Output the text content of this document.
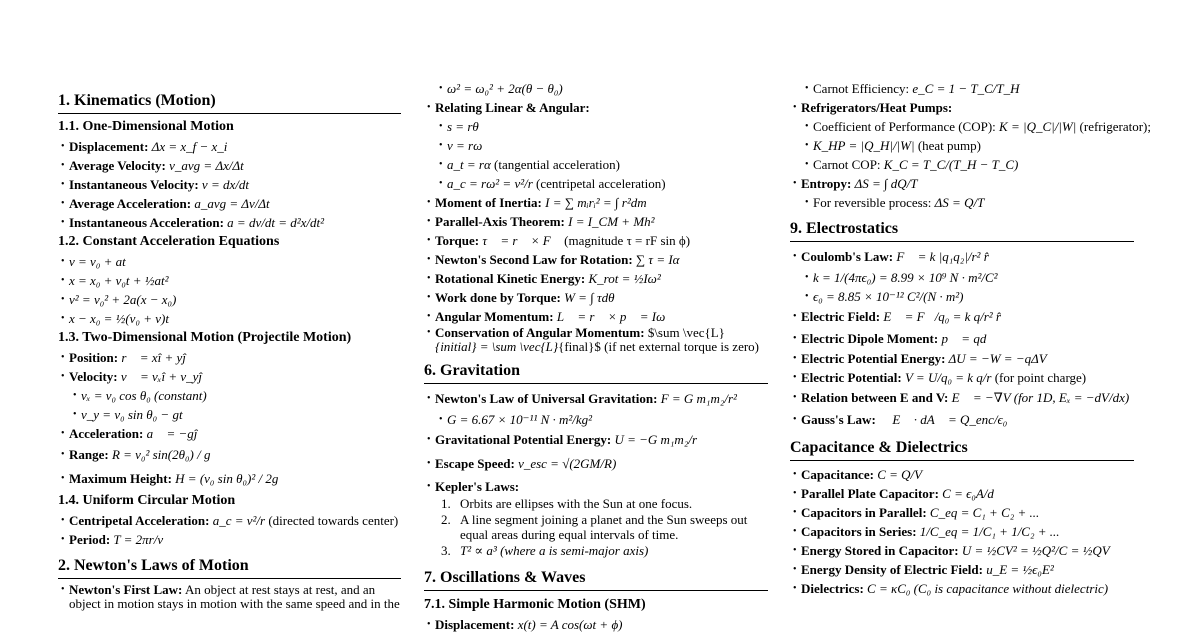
1. Kinematics (Motion)
1.1. One-Dimensional Motion
• Displacement: Δx = x_f − x_i
• Average Velocity: v_avg = Δx/Δt
• Instantaneous Velocity: v = dx/dt
• Average Acceleration: a_avg = Δv/Δt
• Instantaneous Acceleration: a = dv/dt = d²x/dt²
1.2. Constant Acceleration Equations
• v = v₀ + at
• x = x₀ + v₀t + ½at²
• v² = v₀² + 2a(x − x₀)
• x − x₀ = ½(v₀ + v)t
1.3. Two-Dimensional Motion (Projectile Motion)
• Position: r⃗ = xî + yĵ
• Velocity: v⃗ = vₓî + v_yĵ
• vₓ = v₀ cos θ₀ (constant)
• v_y = v₀ sin θ₀ − gt
• Acceleration: a⃗ = −gĵ
• Range: R = v₀² sin(2θ₀) / g
• Maximum Height: H = (v₀ sin θ₀)² / 2g
1.4. Uniform Circular Motion
• Centripetal Acceleration: a_c = v²/r (directed towards center)
• Period: T = 2πr/v
2. Newton's Laws of Motion
• Newton's First Law: An object at rest stays at rest, and an object in motion stays in motion with the same speed and in the
• ω² = ω₀² + 2α(θ − θ₀)
• Relating Linear & Angular:
• s = rθ
• v = rω
• a_t = rα (tangential acceleration)
• a_c = rω² = v²/r (centripetal acceleration)
• Moment of Inertia: I = ∑ mᵢrᵢ² = ∫ r²dm
• Parallel-Axis Theorem: I = I_CM + Mh²
• Torque: τ⃗ = r⃗ × F⃗ (magnitude τ = rF sin ϕ)
• Newton's Second Law for Rotation: ∑ τ = Iα
• Rotational Kinetic Energy: K_rot = ½Iω²
• Work done by Torque: W = ∫ τdθ
• Angular Momentum: L⃗ = r⃗ × p⃗ = Iω⃗
• Conservation of Angular Momentum: $\sum \vec{L}
{initial} = \sum \vec{L}{final}$ (if net external torque is zero)
6. Gravitation
• Newton's Law of Universal Gravitation: F = G m₁m₂/r²
• G = 6.67 × 10⁻¹¹ N · m²/kg²
• Gravitational Potential Energy: U = −G m₁m₂/r
• Escape Speed: v_esc = √(2GM/R)
• Kepler's Laws:
1. Orbits are ellipses with the Sun at one focus.
2. A line segment joining a planet and the Sun sweeps out equal areas during equal intervals of time.
3. T² ∝ a³ (where a is semi-major axis)
7. Oscillations & Waves
7.1. Simple Harmonic Motion (SHM)
• Displacement: x(t) = A cos(ωt + ϕ)
• Carnot Efficiency: e_C = 1 − T_C/T_H
• Refrigerators/Heat Pumps:
• Coefficient of Performance (COP): K = |Q_C|/|W| (refrigerator);
• K_HP = |Q_H|/|W| (heat pump)
• Carnot COP: K_C = T_C/(T_H − T_C)
• Entropy: ΔS = ∫ dQ/T
• For reversible process: ΔS = Q/T
9. Electrostatics
• Coulomb's Law: F⃗ = k |q₁q₂|/r² r̂
• k = 1/(4πϵ₀) = 8.99 × 10⁹ N · m²/C²
• ϵ₀ = 8.85 × 10⁻¹² C²/(N · m²)
• Electric Field: E⃗ = F⃗/q₀ = k q/r² r̂
• Electric Dipole Moment: p⃗ = qd⃗
• Electric Potential Energy: ΔU = −W = −qΔV
• Electric Potential: V = U/q₀ = k q/r (for point charge)
• Relation between E and V: E⃗ = −∇V (for 1D, Eₓ = −dV/dx)
• Gauss's Law: ∮ E⃗ · dA⃗ = Q_enc/ϵ₀
Capacitance & Dielectrics
• Capacitance: C = Q/V
• Parallel Plate Capacitor: C = ϵ₀A/d
• Capacitors in Parallel: C_eq = C₁ + C₂ + ...
• Capacitors in Series: 1/C_eq = 1/C₁ + 1/C₂ + ...
• Energy Stored in Capacitor: U = ½CV² = ½Q²/C = ½QV
• Energy Density of Electric Field: u_E = ½ϵ₀E²
• Dielectrics: C = κC₀ (C₀ is capacitance without dielectric)
